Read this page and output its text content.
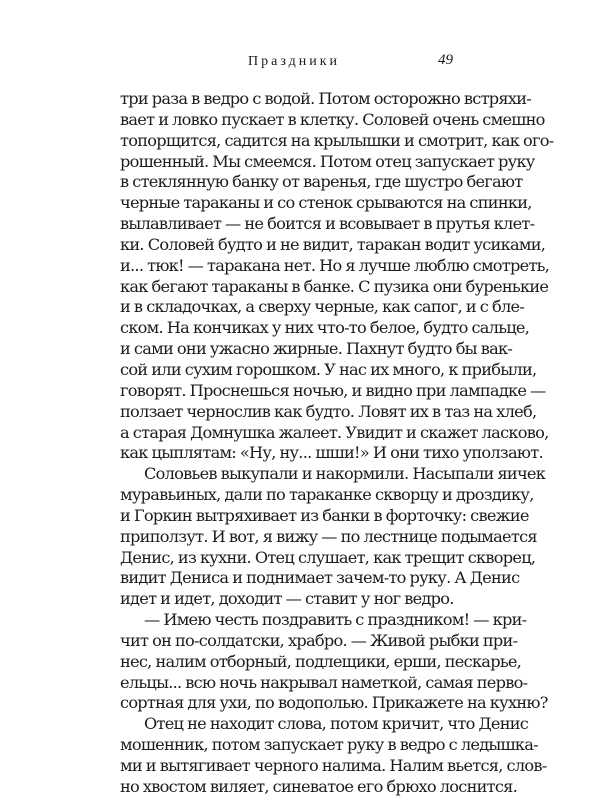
Праздники	49
три раза в ведро с водой. Потом осторожно встряхи-
вает и ловко пускает в клетку. Соловей очень смешно
топорщится, садится на крылышки и смотрит, как ого-
рошенный. Мы смеемся. Потом отец запускает руку
в стеклянную банку от варенья, где шустро бегают
черные тараканы и со стенок срываются на спинки,
вылавливает — не боится и всовывает в прутья клет-
ки. Соловей будто и не видит, таракан водит усиками,
и... тюк! — таракана нет. Но я лучше люблю смотреть,
как бегают тараканы в банке. С пузика они буренькие
и в складочках, а сверху черные, как сапог, и с бле-
ском. На кончиках у них что-то белое, будто сальце,
и сами они ужасно жирные. Пахнут будто бы вак-
сой или сухим горошком. У нас их много, к прибыли,
говорят. Проснешься ночью, и видно при лампадке —
ползает чернослив как будто. Ловят их в таз на хлеб,
а старая Домнушка жалеет. Увидит и скажет ласково,
как цыплятам: «Ну, ну... шши!» И они тихо уползают.
Соловьев выкупали и накормили. Насыпали яичек
муравьиных, дали по тараканке скворцу и дроздику,
и Горкин вытряхивает из банки в форточку: свежие
приползут. И вот, я вижу — по лестнице подымается
Денис, из кухни. Отец слушает, как трещит скворец,
видит Дениса и поднимает зачем-то руку. А Денис
идет и идет, доходит — ставит у ног ведро.
— Имею честь поздравить с праздником! — кри-
чит он по-солдатски, храбро. — Живой рыбки при-
нес, налим отборный, подлещики, ерши, пескарье,
ельцы... всю ночь накрывал наметкой, самая перво-
сортная для ухи, по водополью. Прикажете на кухню?
Отец не находит слова, потом кричит, что Денис
мошенник, потом запускает руку в ведро с ледышка-
ми и вытягивает черного налима. Налим вьется, слов-
но хвостом виляет, синеватое его брюхо лоснится.
